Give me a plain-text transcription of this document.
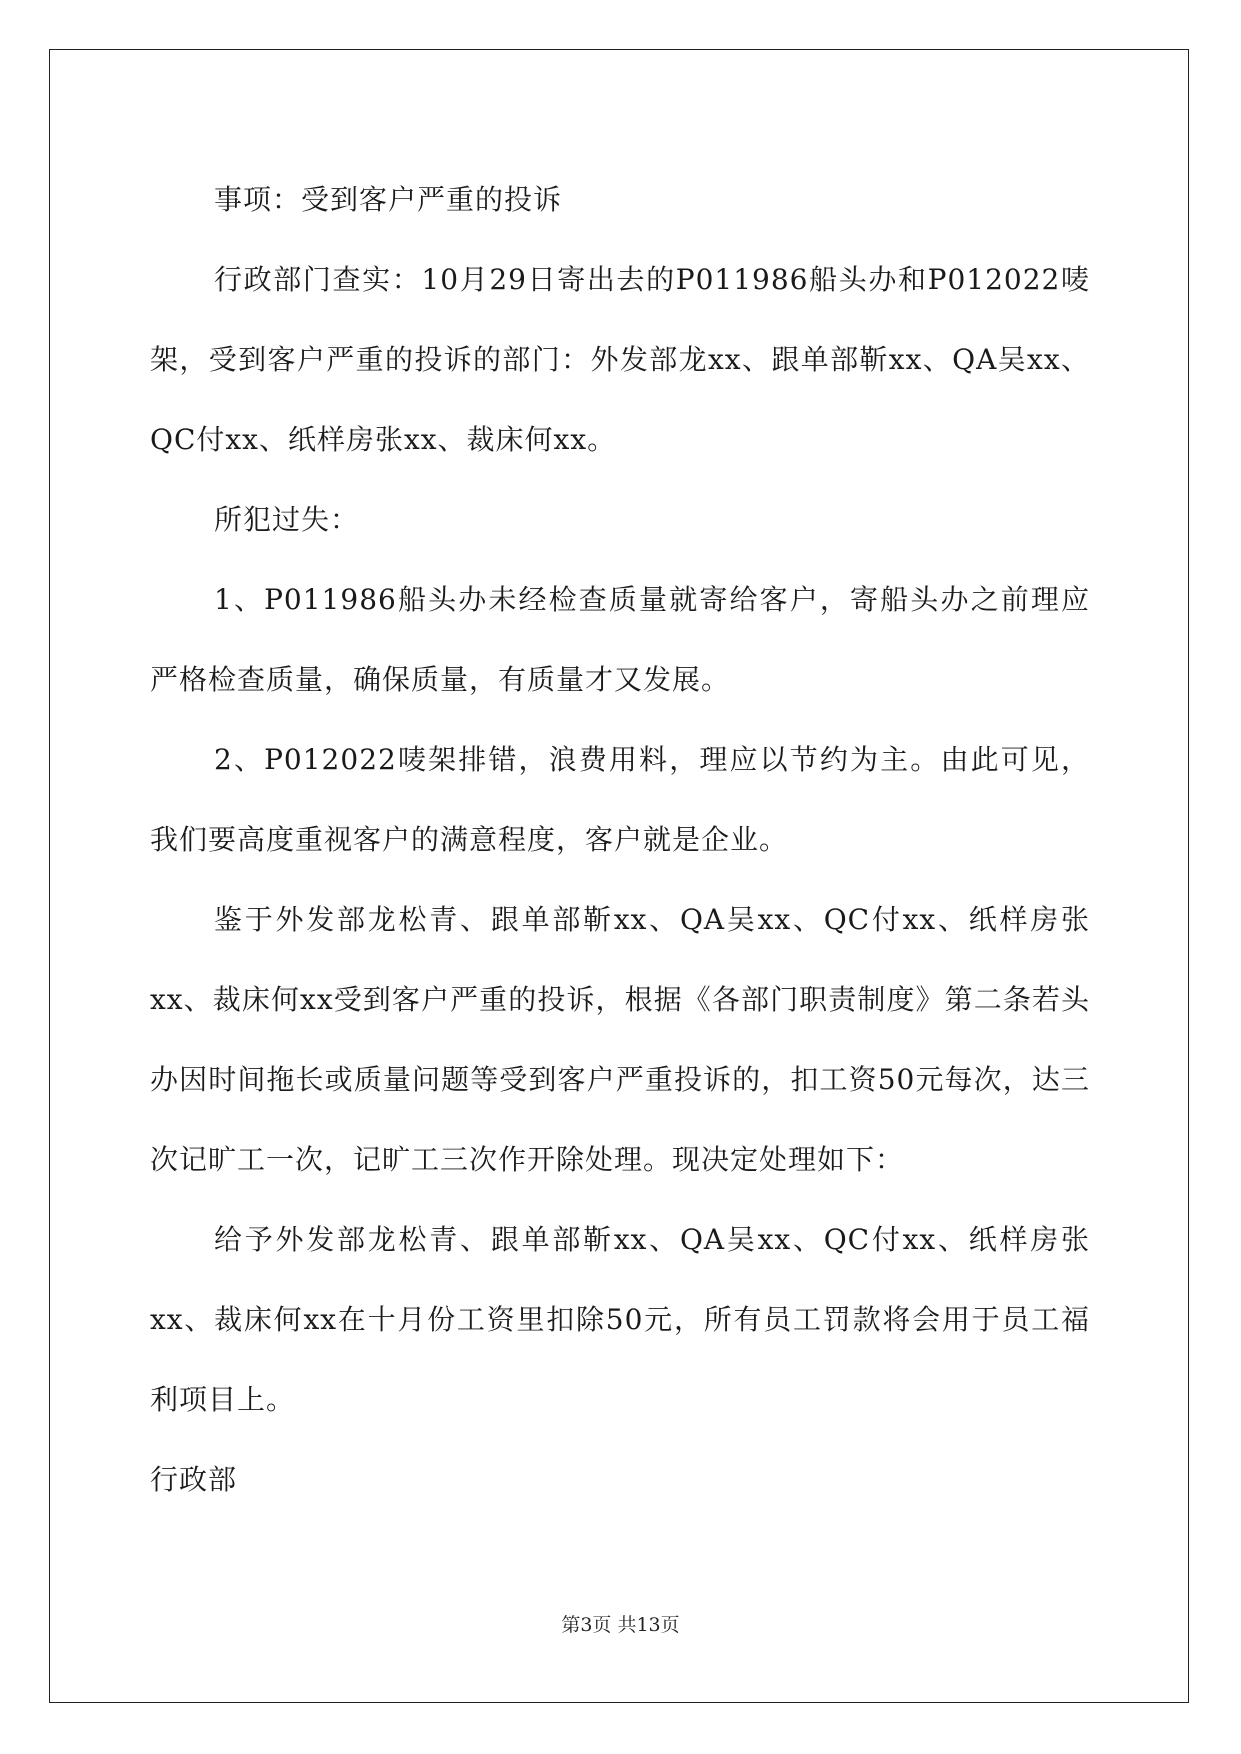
事项：受到客户严重的投诉

行政部门查实：10月29日寄出去的P011986船头办和P012022唛架，受到客户严重的投诉的部门：外发部龙xx、跟单部靳xx、QA吴xx、QC付xx、纸样房张xx、裁床何xx。

所犯过失：

1、P011986船头办未经检查质量就寄给客户，寄船头办之前理应严格检查质量，确保质量，有质量才又发展。

2、P012022唛架排错，浪费用料，理应以节约为主。由此可见，我们要高度重视客户的满意程度，客户就是企业。

鉴于外发部龙松青、跟单部靳xx、QA吴xx、QC付xx、纸样房张xx、裁床何xx受到客户严重的投诉，根据《各部门职责制度》第二条若头办因时间拖长或质量问题等受到客户严重投诉的，扣工资50元每次，达三次记旷工一次，记旷工三次作开除处理。现决定处理如下：

给予外发部龙松青、跟单部靳xx、QA吴xx、QC付xx、纸样房张xx、裁床何xx在十月份工资里扣除50元，所有员工罚款将会用于员工福利项目上。

行政部

第3页 共13页
